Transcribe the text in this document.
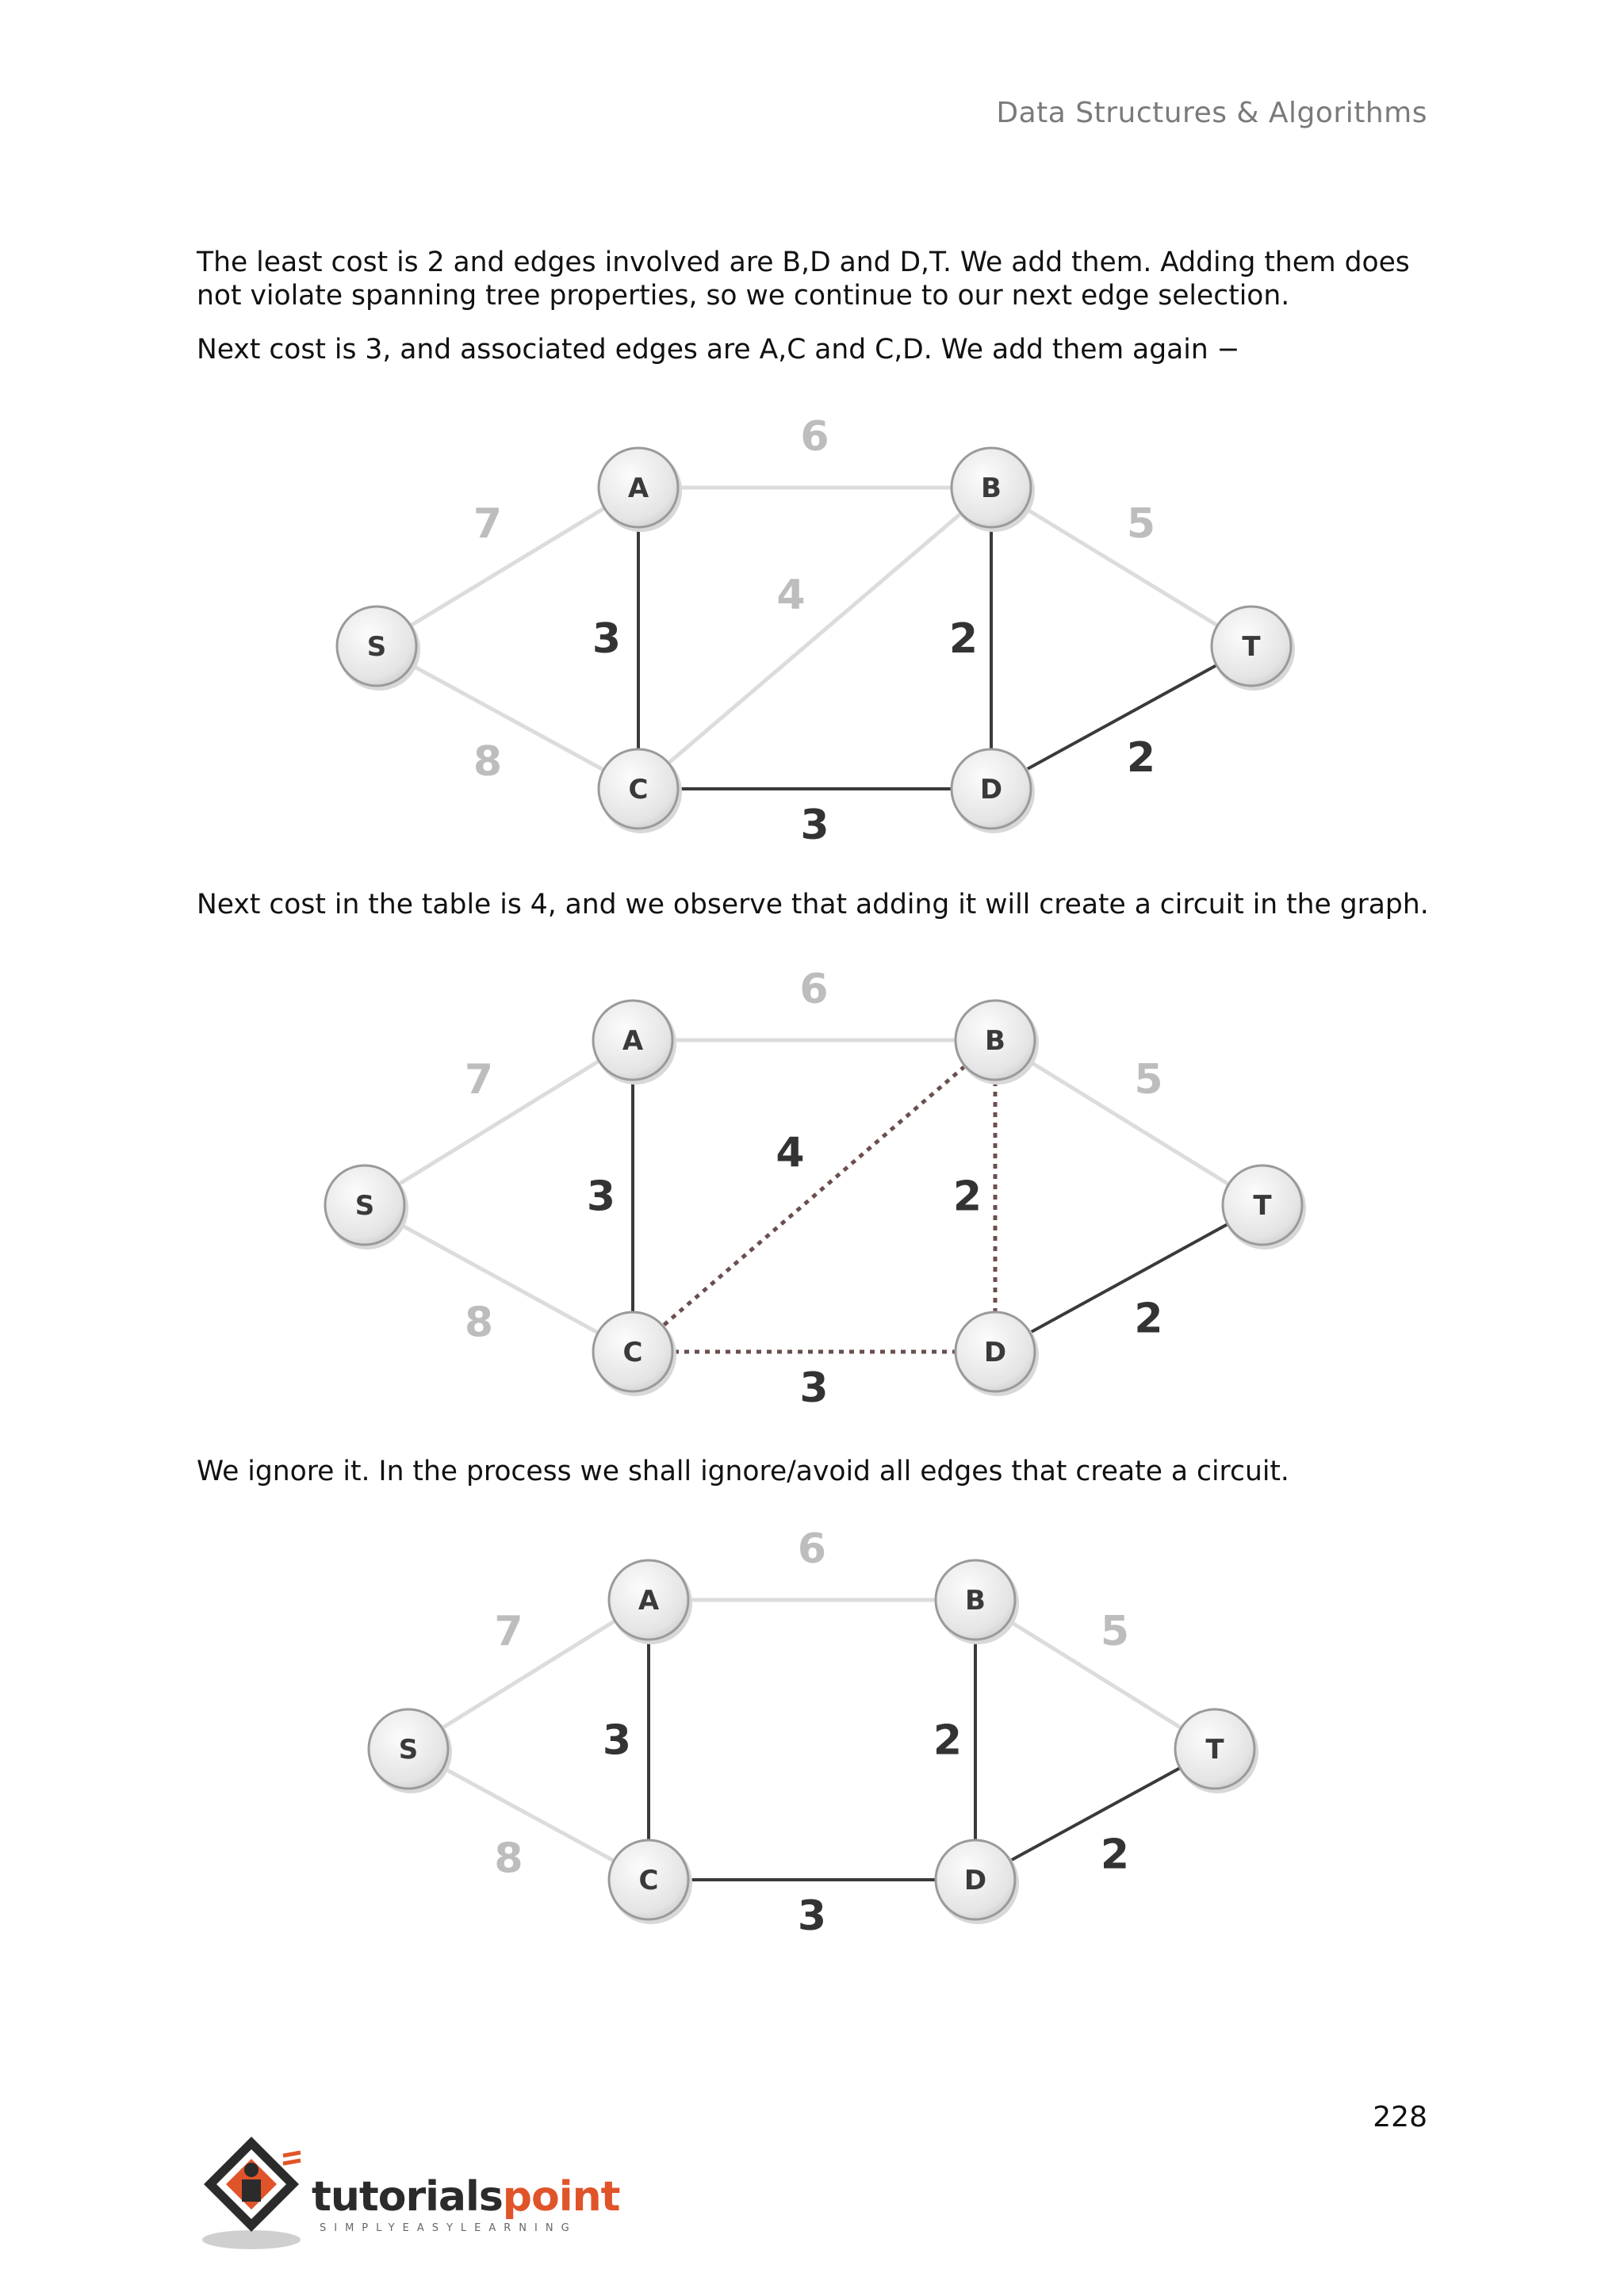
Data Structures & Algorithms

The least cost is 2 and edges involved are B,D and D,T. We add them. Adding them does not violate spanning tree properties, so we continue to our next edge selection.

Next cost is 3, and associated edges are A,C and C,D. We add them again −

7
8
6
3
4
2
5
3
2
S
A	B
C	D
T

Next cost in the table is 4, and we observe that adding it will create a circuit in the graph.

7
8
6
3
4
2
5
3
2
S
A	B
C	D
T

We ignore it. In the process we shall ignore/avoid all edges that create a circuit.

7
8
6
3	2
5
3
2
S
A	B
C	D
T
228
tutorialspoint
SIMPLYEASYLEARNING
